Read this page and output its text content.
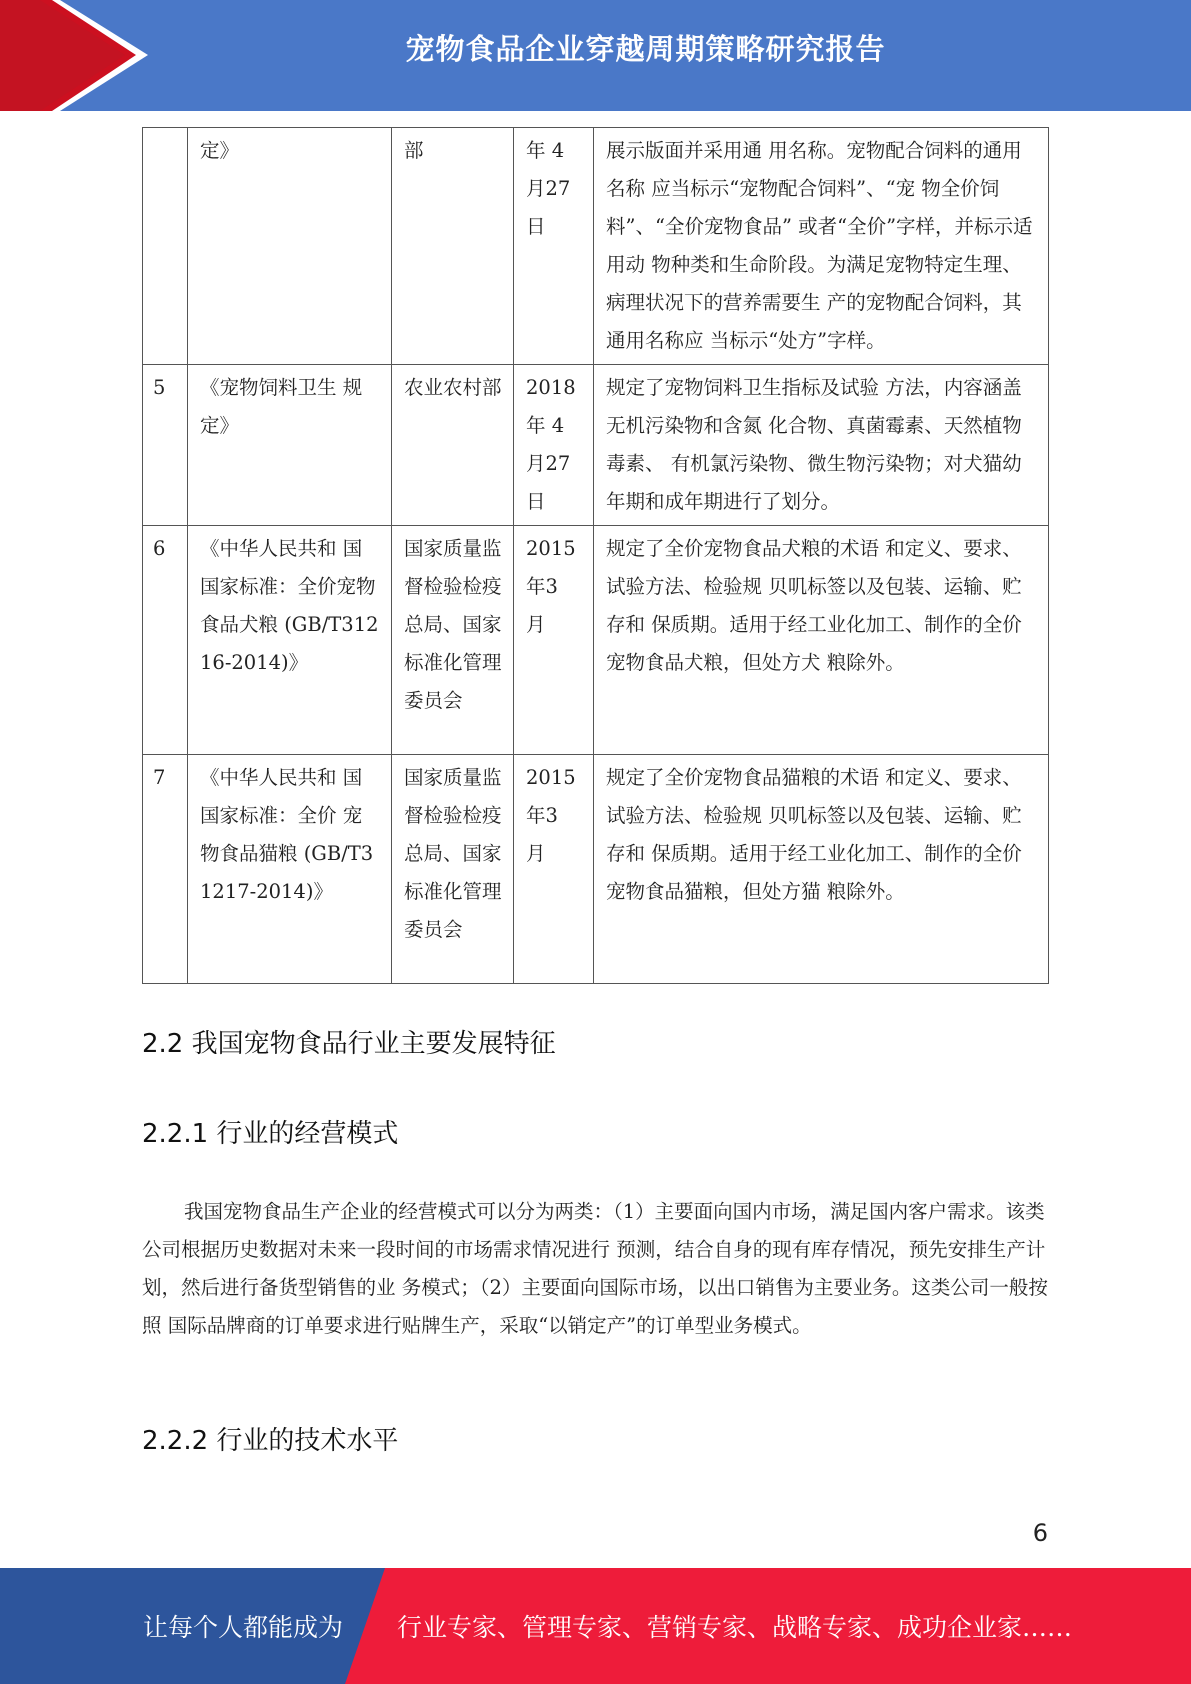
宠物食品企业穿越周期策略研究报告
	定》	部	年 4 月27 日	展示版面并采用通 用名称。宠物配合饲料的通用名称 应当标示“宠物配合饲料”、“宠 物全价饲料”、“全价宠物食品” 或者“全价”字样，并标示适用动 物种类和生命阶段。为满足宠物特定生理、病理状况下的营养需要生 产的宠物配合饲料，其通用名称应 当标示“处方”字样。
5	《宠物饲料卫生 规定》	农业农村部	2018 年 4 月27 日	规定了宠物饲料卫生指标及试验 方法，内容涵盖无机污染物和含氮 化合物、真菌霉素、天然植物毒素、 有机氯污染物、微生物污染物；对犬猫幼年期和成年期进行了划分。
6	《中华人民共和 国国家标准：全价宠物食品犬粮 (GB/T31216-2014)》	国家质量监 督检验检疫 总局、国家标准化管理 委员会	2015 年3 月	规定了全价宠物食品犬粮的术语 和定义、要求、试验方法、检验规 贝叽标签以及包装、运输、贮存和 保质期。适用于经工业化加工、制作的全价宠物食品犬粮，但处方犬 粮除外。
7	《中华人民共和 国国家标准：全价 宠物食品猫粮 (GB/T31217-2014)》	国家质量监 督检验检疫 总局、国家标准化管理 委员会	2015 年3 月	规定了全价宠物食品猫粮的术语 和定义、要求、试验方法、检验规 贝叽标签以及包装、运输、贮存和 保质期。适用于经工业化加工、制作的全价宠物食品猫粮，但处方猫 粮除外。
2.2 我国宠物食品行业主要发展特征
2.2.1 行业的经营模式

我国宠物食品生产企业的经营模式可以分为两类：（1）主要面向国内市场，满足国内客户需求。该类公司根据历史数据对未来一段时间的市场需求情况进行 预测，结合自身的现有库存情况，预先安排生产计划，然后进行备货型销售的业 务模式；（2）主要面向国际市场，以出口销售为主要业务。这类公司一般按照 国际品牌商的订单要求进行贴牌生产，采取“以销定产”的订单型业务模式。

2.2.2 行业的技术水平
6
让每个人都能成为 行业专家、管理专家、营销专家、战略专家、成功企业家……
